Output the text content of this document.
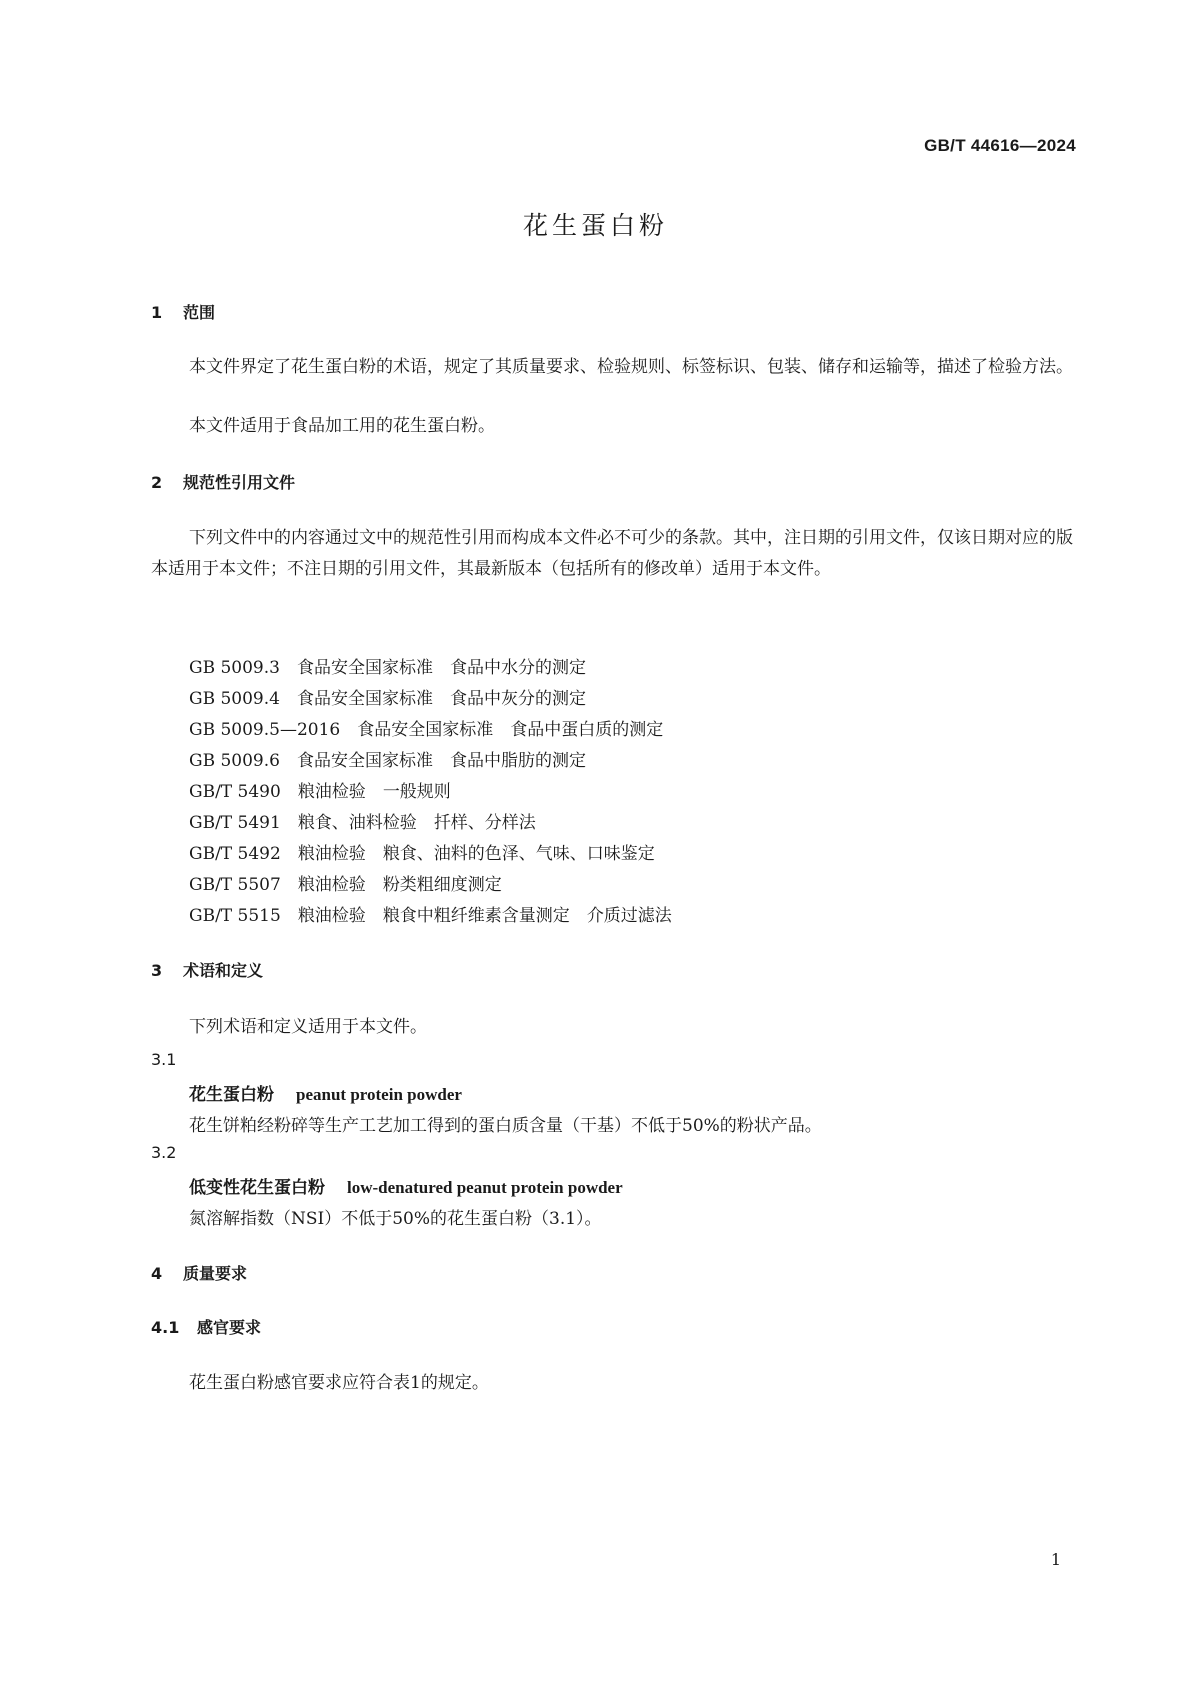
GB/T 44616—2024
花生蛋白粉
1 范围
本文件界定了花生蛋白粉的术语，规定了其质量要求、检验规则、标签标识、包装、储存和运输等，描述了检验方法。
本文件适用于食品加工用的花生蛋白粉。
2 规范性引用文件
下列文件中的内容通过文中的规范性引用而构成本文件必不可少的条款。其中，注日期的引用文件，仅该日期对应的版本适用于本文件；不注日期的引用文件，其最新版本（包括所有的修改单）适用于本文件。
GB 5009.3 食品安全国家标准 食品中水分的测定
GB 5009.4 食品安全国家标准 食品中灰分的测定
GB 5009.5—2016 食品安全国家标准 食品中蛋白质的测定
GB 5009.6 食品安全国家标准 食品中脂肪的测定
GB/T 5490 粮油检验 一般规则
GB/T 5491 粮食、油料检验 扦样、分样法
GB/T 5492 粮油检验 粮食、油料的色泽、气味、口味鉴定
GB/T 5507 粮油检验 粉类粗细度测定
GB/T 5515 粮油检验 粮食中粗纤维素含量测定 介质过滤法
3 术语和定义
下列术语和定义适用于本文件。
3.1
花生蛋白粉 peanut protein powder
花生饼粕经粉碎等生产工艺加工得到的蛋白质含量（干基）不低于50%的粉状产品。
3.2
低变性花生蛋白粉 low-denatured peanut protein powder
氮溶解指数（NSI）不低于50%的花生蛋白粉（3.1）。
4 质量要求
4.1 感官要求
花生蛋白粉感官要求应符合表1的规定。
1
